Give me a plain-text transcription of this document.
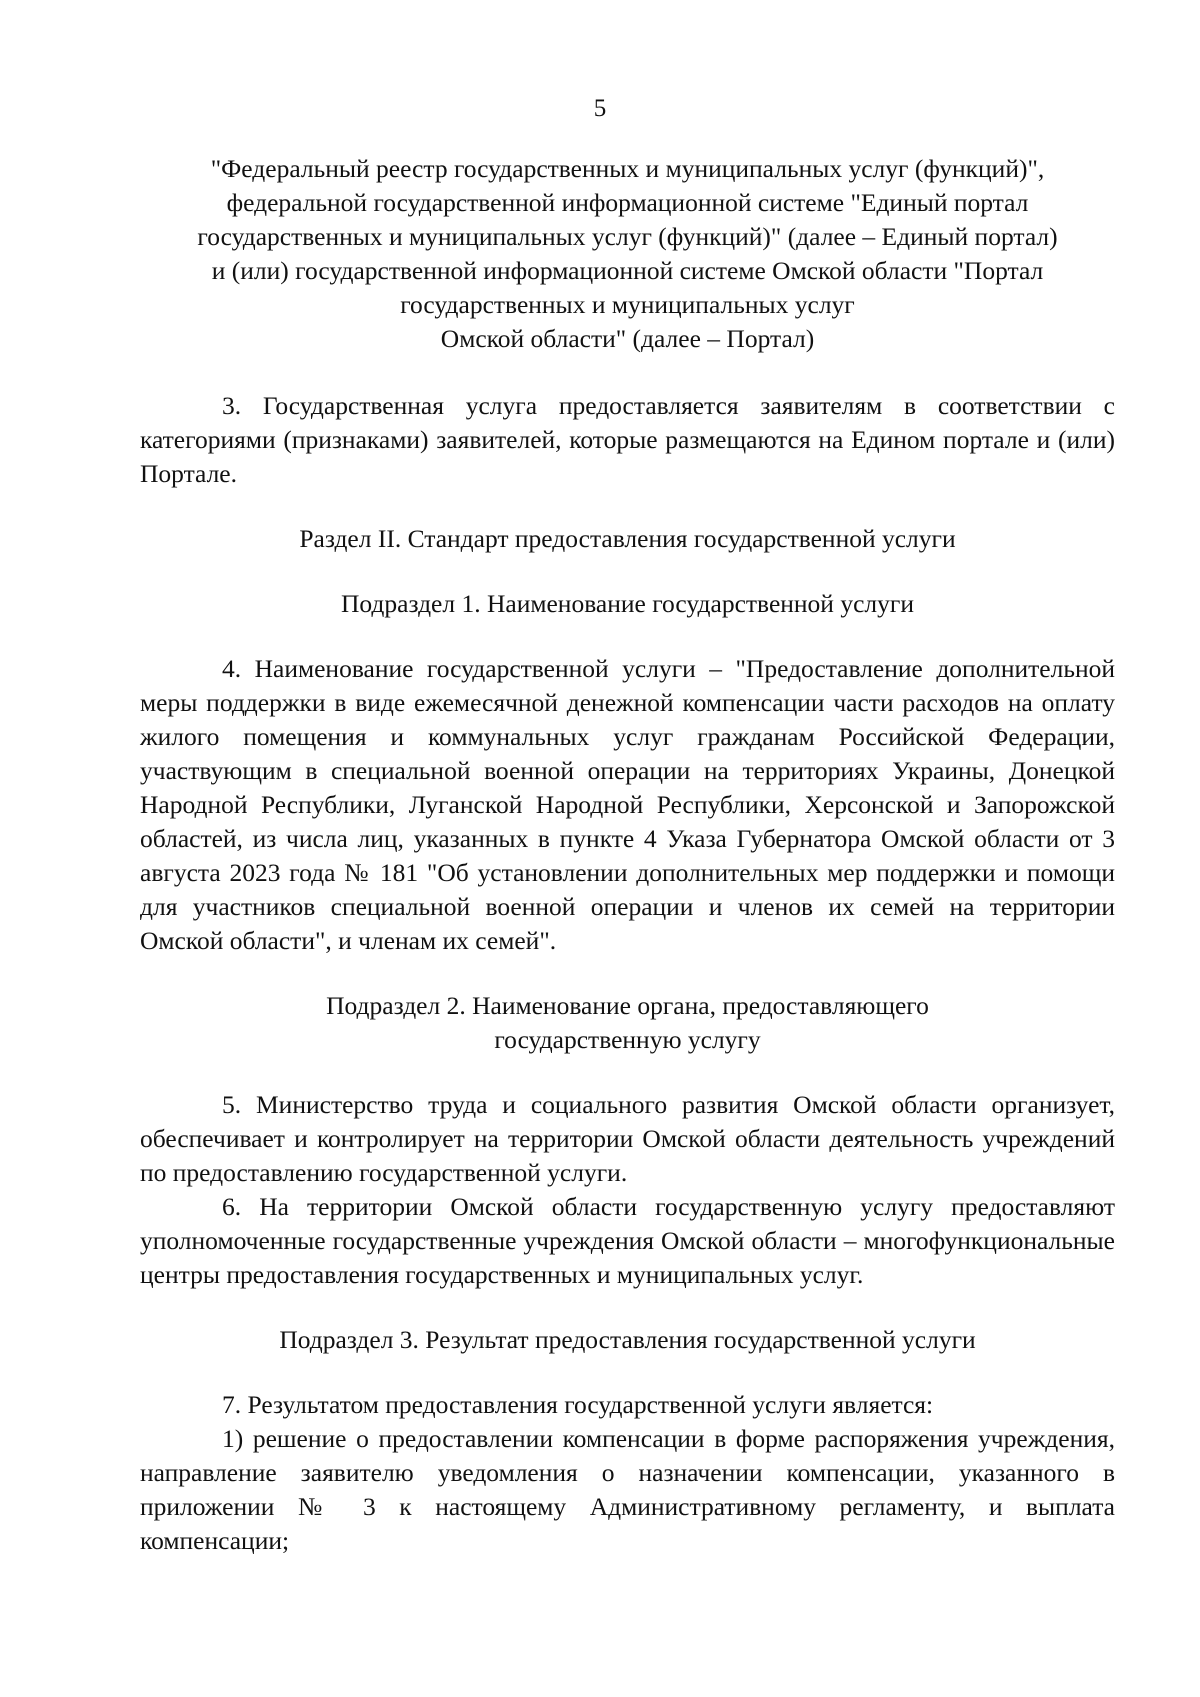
5
"Федеральный реестр государственных и муниципальных услуг (функций)",
федеральной государственной информационной системе "Единый портал
государственных и муниципальных услуг (функций)" (далее – Единый портал)
и (или) государственной информационной системе Омской области "Портал
государственных и муниципальных услуг
Омской области" (далее – Портал)

3. Государственная услуга предоставляется заявителям в соответствии с категориями (признаками) заявителей, которые размещаются на Едином портале и (или) Портале.

Раздел II. Стандарт предоставления государственной услуги
Подраздел 1. Наименование государственной услуги

4. Наименование государственной услуги – "Предоставление дополнительной меры поддержки в виде ежемесячной денежной компенсации части расходов на оплату жилого помещения и коммунальных услуг гражданам Российской Федерации, участвующим в специальной военной операции на территориях Украины, Донецкой Народной Республики, Луганской Народной Республики, Херсонской и Запорожской областей, из числа лиц, указанных в пункте 4 Указа Губернатора Омской области от 3 августа 2023 года № 181 "Об установлении дополнительных мер поддержки и помощи для участников специальной военной операции и членов их семей на территории Омской области", и членам их семей".

Подраздел 2. Наименование органа, предоставляющего
государственную услугу

5. Министерство труда и социального развития Омской области организует, обеспечивает и контролирует на территории Омской области деятельность учреждений по предоставлению государственной услуги.

6. На территории Омской области государственную услугу предоставляют уполномоченные государственные учреждения Омской области – многофункциональные центры предоставления государственных и муниципальных услуг.

Подраздел 3. Результат предоставления государственной услуги

7. Результатом предоставления государственной услуги является:

1) решение о предоставлении компенсации в форме распоряжения учреждения, направление заявителю уведомления о назначении компенсации, указанного в приложении № 3 к настоящему Административному регламенту, и выплата компенсации;
